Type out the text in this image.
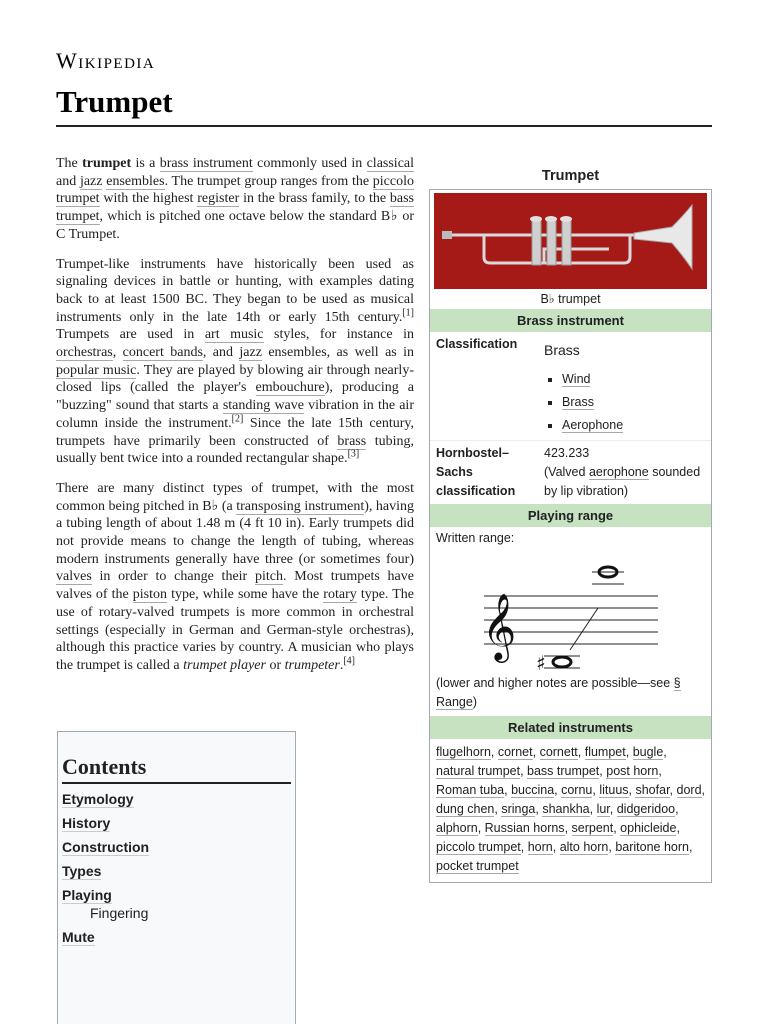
Wikipedia
Trumpet

The trumpet is a brass instrument commonly used in classical and jazz ensembles. The trumpet group ranges from the piccolo trumpet with the highest register in the brass family, to the bass trumpet, which is pitched one octave below the standard B♭ or C Trumpet.

Trumpet-like instruments have historically been used as signaling devices in battle or hunting, with examples dating back to at least 1500 BC. They began to be used as musical instruments only in the late 14th or early 15th century.[1] Trumpets are used in art music styles, for instance in orchestras, concert bands, and jazz ensembles, as well as in popular music. They are played by blowing air through nearly-closed lips (called the player's embouchure), producing a "buzzing" sound that starts a standing wave vibration in the air column inside the instrument.[2] Since the late 15th century, trumpets have primarily been constructed of brass tubing, usually bent twice into a rounded rectangular shape.[3]

There are many distinct types of trumpet, with the most common being pitched in B♭ (a transposing instrument), having a tubing length of about 1.48 m (4 ft 10 in). Early trumpets did not provide means to change the length of tubing, whereas modern instruments generally have three (or sometimes four) valves in order to change their pitch. Most trumpets have valves of the piston type, while some have the rotary type. The use of rotary-valved trumpets is more common in orchestral settings (especially in German and German-style orchestras), although this practice varies by country. A musician who plays the trumpet is called a trumpet player or trumpeter.[4]

Contents
Etymology
History
Construction
Types
Playing
Fingering
Mute
Trumpet
B♭ trumpet
Brass instrument
Classification	Brass
▪ Wind
▪ Brass
▪ Aerophone
Hornbostel–Sachs classification
423.233
(Valved aerophone sounded by lip vibration)
Playing range
Written range:
𝄞
♯
(lower and higher notes are possible—see § Range)
Related instruments
flugelhorn, cornet, cornett, flumpet, bugle, natural trumpet, bass trumpet, post horn, Roman tuba, buccina, cornu, lituus, shofar, dord, dung chen, sringa, shankha, lur, didgeridoo, alphorn, Russian horns, serpent, ophicleide, piccolo trumpet, horn, alto horn, baritone horn, pocket trumpet
